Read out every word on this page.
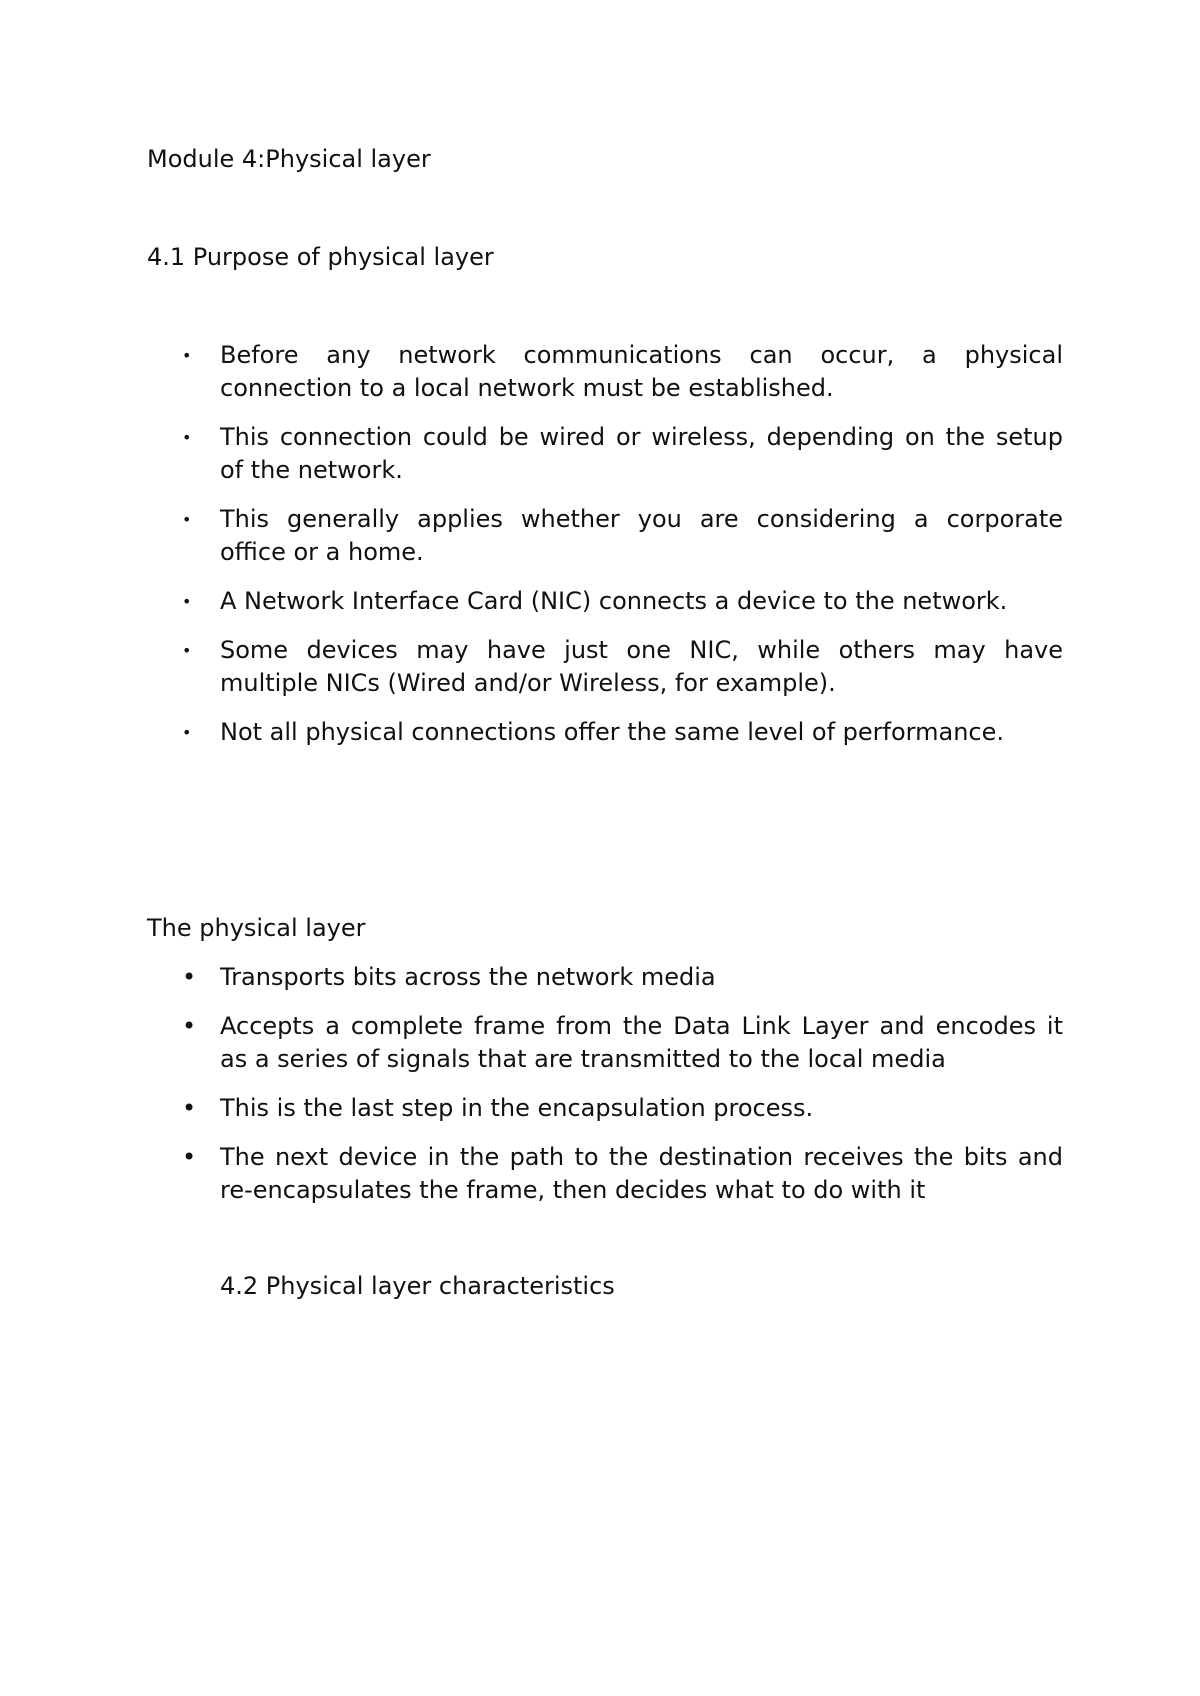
Module 4:Physical layer

4.1 Purpose of physical layer

• Before any network communications can occur, a physical
connection to a local network must be established.

• This connection could be wired or wireless, depending on the setup
of the network.

• This generally applies whether you are considering a corporate
office or a home.

• A Network Interface Card (NIC) connects a device to the network.

• Some devices may have just one NIC, while others may have
multiple NICs (Wired and/or Wireless, for example).

• Not all physical connections offer the same level of performance.

The physical layer

• Transports bits across the network media

• Accepts a complete frame from the Data Link Layer and encodes it
as a series of signals that are transmitted to the local media

• This is the last step in the encapsulation process.

• The next device in the path to the destination receives the bits and
re-encapsulates the frame, then decides what to do with it

4.2 Physical layer characteristics
